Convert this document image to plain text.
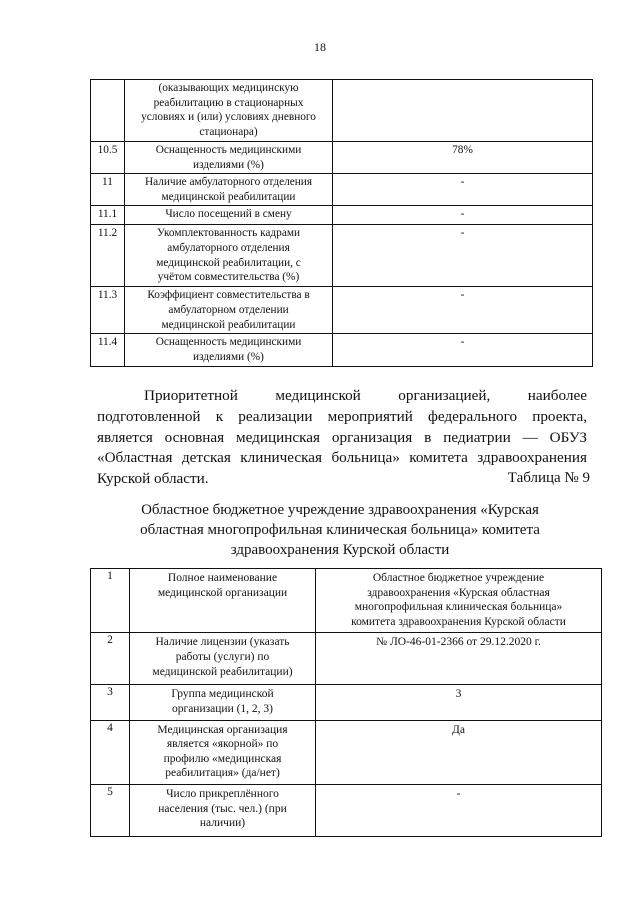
18

	(оказывающих медицинскую
реабилитацию в стационарных
условиях и (или) условиях дневного
стационара)	

10.5	Оснащенность медицинскими
изделиями (%)	78%
11	Наличие амбулаторного отделения
медицинской реабилитации	-
11.1	Число посещений в смену	-
11.2	Укомплектованность кадрами
амбулаторного отделения
медицинской реабилитации, с
учётом совместительства (%)	-
11.3	Коэффициент совместительства в
амбулаторном отделении
медицинской реабилитации	-
11.4	Оснащенность медицинскими
изделиями (%)	-
Приоритетной медицинской организацией, наиболее подготовленной к реализации мероприятий федерального проекта, является основная медицинская организация в педиатрии — ОБУЗ «Областная детская клиническая больница» комитета здравоохранения Курской области.	Таблица № 9
Областное бюджетное учреждение здравоохранения «Курская
областная многопрофильная клиническая больница» комитета
здравоохранения Курской области
1	Полное наименование
медицинской организации	Областное бюджетное учреждение
здравоохранения «Курская областная
многопрофильная клиническая больница»
комитета здравоохранения Курской области

2	Наличие лицензии (указать
работы (услуги) по
медицинской реабилитации)	№ ЛО-46-01-2366 от 29.12.2020 г.

3	Группа медицинской
организации (1, 2, 3)	3

4	Медицинская организация
является «якорной» по
профилю «медицинская
реабилитация» (да/нет)	Да

5	Число прикреплённого
населения (тыс. чел.) (при
наличии)	-
